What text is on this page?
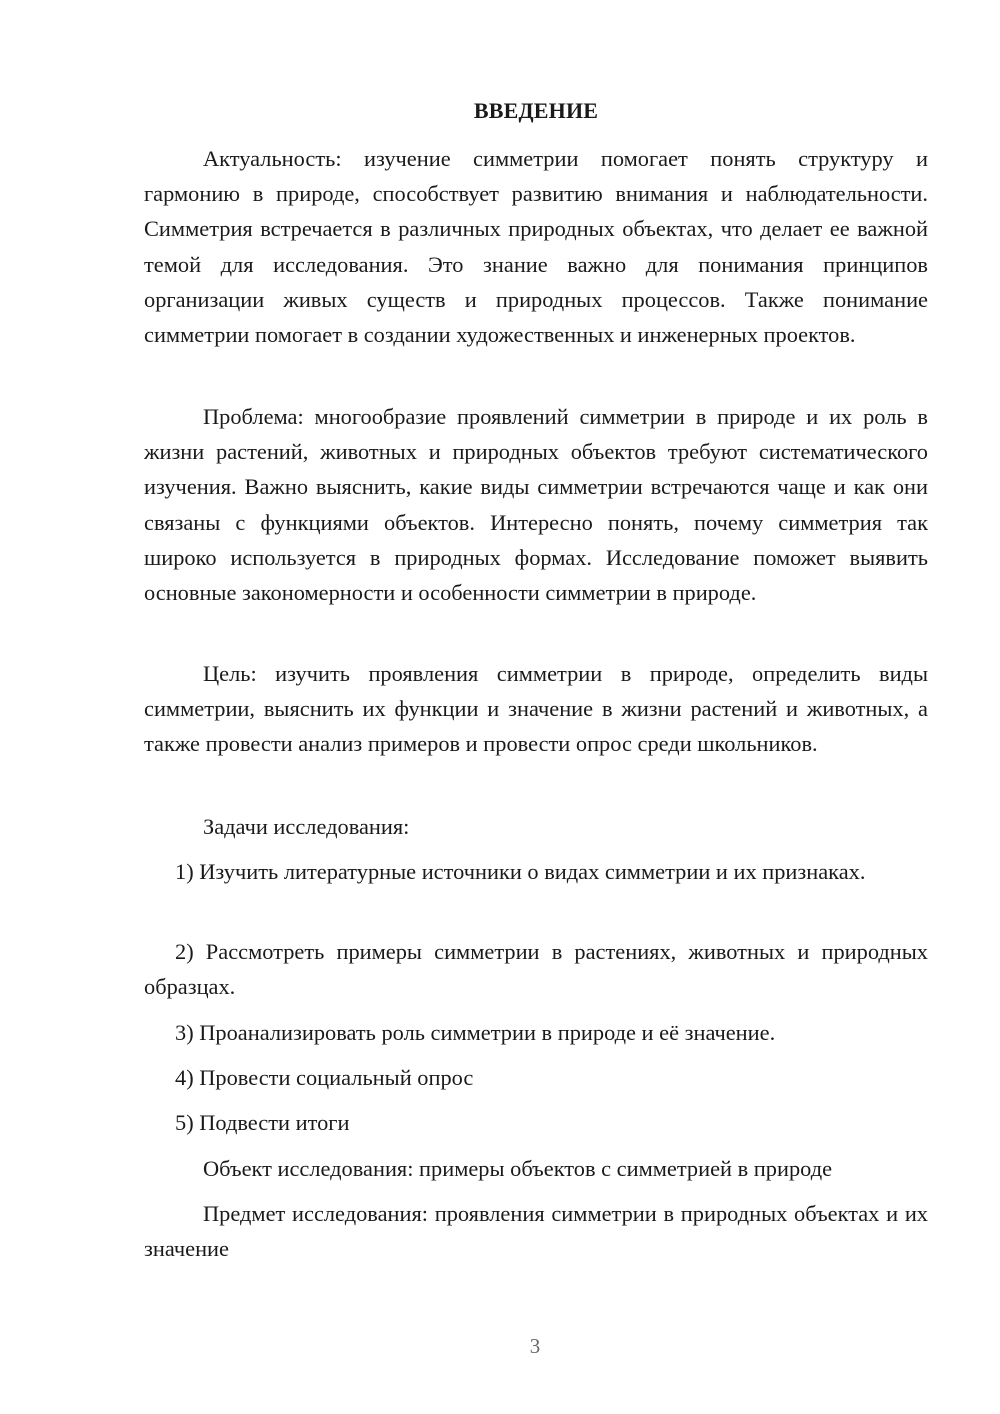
ВВЕДЕНИЕ

Актуальность: изучение симметрии помогает понять структуру и гармонию в природе, способствует развитию внимания и наблюдательности. Симметрия встречается в различных природных объектах, что делает ее важной темой для исследования. Это знание важно для понимания принципов организации живых существ и природных процессов. Также понимание симметрии помогает в создании художественных и инженерных проектов.

Проблема: многообразие проявлений симметрии в природе и их роль в жизни растений, животных и природных объектов требуют систематического изучения. Важно выяснить, какие виды симметрии встречаются чаще и как они связаны с функциями объектов. Интересно понять, почему симметрия так широко используется в природных формах. Исследование поможет выявить основные закономерности и особенности симметрии в природе.

Цель: изучить проявления симметрии в природе, определить виды симметрии, выяснить их функции и значение в жизни растений и животных, а также провести анализ примеров и провести опрос среди школьников.

Задачи исследования:

1) Изучить литературные источники о видах симметрии и их признаках.

2) Рассмотреть примеры симметрии в растениях, животных и природных образцах.

3) Проанализировать роль симметрии в природе и её значение.

4) Провести социальный опрос

5) Подвести итоги

Объект исследования: примеры объектов с симметрией в природе

Предмет исследования: проявления симметрии в природных объектах и их значение

3
